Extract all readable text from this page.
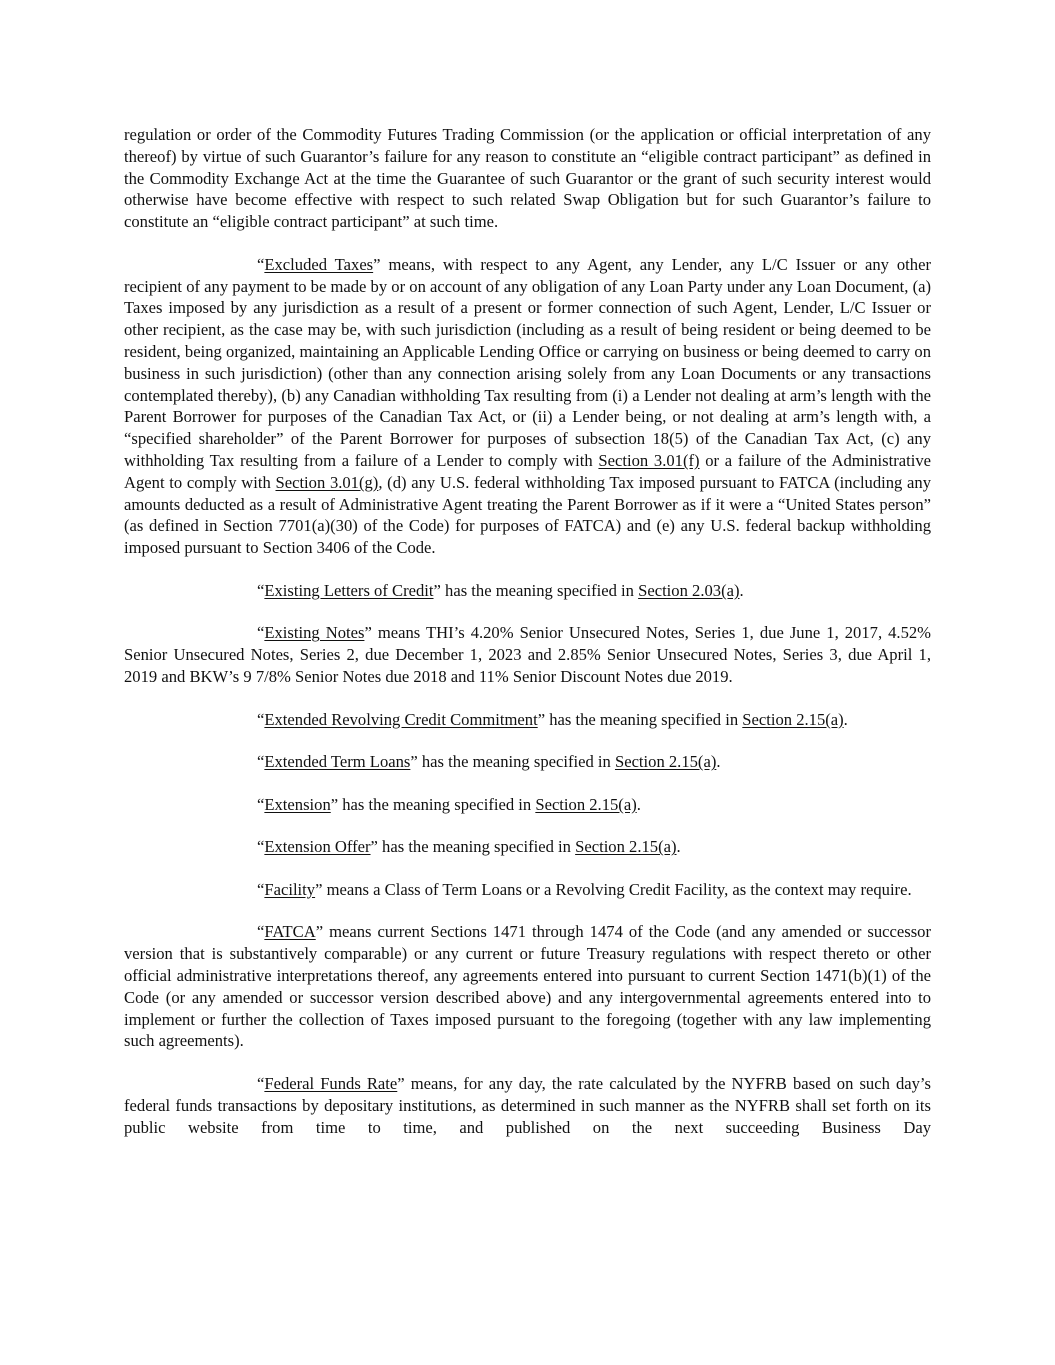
regulation or order of the Commodity Futures Trading Commission (or the application or official interpretation of any thereof) by virtue of such Guarantor’s failure for any reason to constitute an “eligible contract participant” as defined in the Commodity Exchange Act at the time the Guarantee of such Guarantor or the grant of such security interest would otherwise have become effective with respect to such related Swap Obligation but for such Guarantor’s failure to constitute an “eligible contract participant” at such time.

“Excluded Taxes” means, with respect to any Agent, any Lender, any L/C Issuer or any other recipient of any payment to be made by or on account of any obligation of any Loan Party under any Loan Document, (a) Taxes imposed by any jurisdiction as a result of a present or former connection of such Agent, Lender, L/C Issuer or other recipient, as the case may be, with such jurisdiction (including as a result of being resident or being deemed to be resident, being organized, maintaining an Applicable Lending Office or carrying on business or being deemed to carry on business in such jurisdiction) (other than any connection arising solely from any Loan Documents or any transactions contemplated thereby), (b) any Canadian withholding Tax resulting from (i) a Lender not dealing at arm’s length with the Parent Borrower for purposes of the Canadian Tax Act, or (ii) a Lender being, or not dealing at arm’s length with, a “specified shareholder” of the Parent Borrower for purposes of subsection 18(5) of the Canadian Tax Act, (c) any withholding Tax resulting from a failure of a Lender to comply with Section 3.01(f) or a failure of the Administrative Agent to comply with Section 3.01(g), (d) any U.S. federal withholding Tax imposed pursuant to FATCA (including any amounts deducted as a result of Administrative Agent treating the Parent Borrower as if it were a “United States person” (as defined in Section 7701(a)(30) of the Code) for purposes of FATCA) and (e) any U.S. federal backup withholding imposed pursuant to Section 3406 of the Code.

“Existing Letters of Credit” has the meaning specified in Section 2.03(a).

“Existing Notes” means THI’s 4.20% Senior Unsecured Notes, Series 1, due June 1, 2017, 4.52% Senior Unsecured Notes, Series 2, due December 1, 2023 and 2.85% Senior Unsecured Notes, Series 3, due April 1, 2019 and BKW’s 9 7/8% Senior Notes due 2018 and 11% Senior Discount Notes due 2019.

“Extended Revolving Credit Commitment” has the meaning specified in Section 2.15(a).

“Extended Term Loans” has the meaning specified in Section 2.15(a).

“Extension” has the meaning specified in Section 2.15(a).

“Extension Offer” has the meaning specified in Section 2.15(a).

“Facility” means a Class of Term Loans or a Revolving Credit Facility, as the context may require.

“FATCA” means current Sections 1471 through 1474 of the Code (and any amended or successor version that is substantively comparable) or any current or future Treasury regulations with respect thereto or other official administrative interpretations thereof, any agreements entered into pursuant to current Section 1471(b)(1) of the Code (or any amended or successor version described above) and any intergovernmental agreements entered into to implement or further the collection of Taxes imposed pursuant to the foregoing (together with any law implementing such agreements).

“Federal Funds Rate” means, for any day, the rate calculated by the NYFRB based on such day’s federal funds transactions by depositary institutions, as determined in such manner as the NYFRB shall set forth on its public website from time to time, and published on the next succeeding Business Day
